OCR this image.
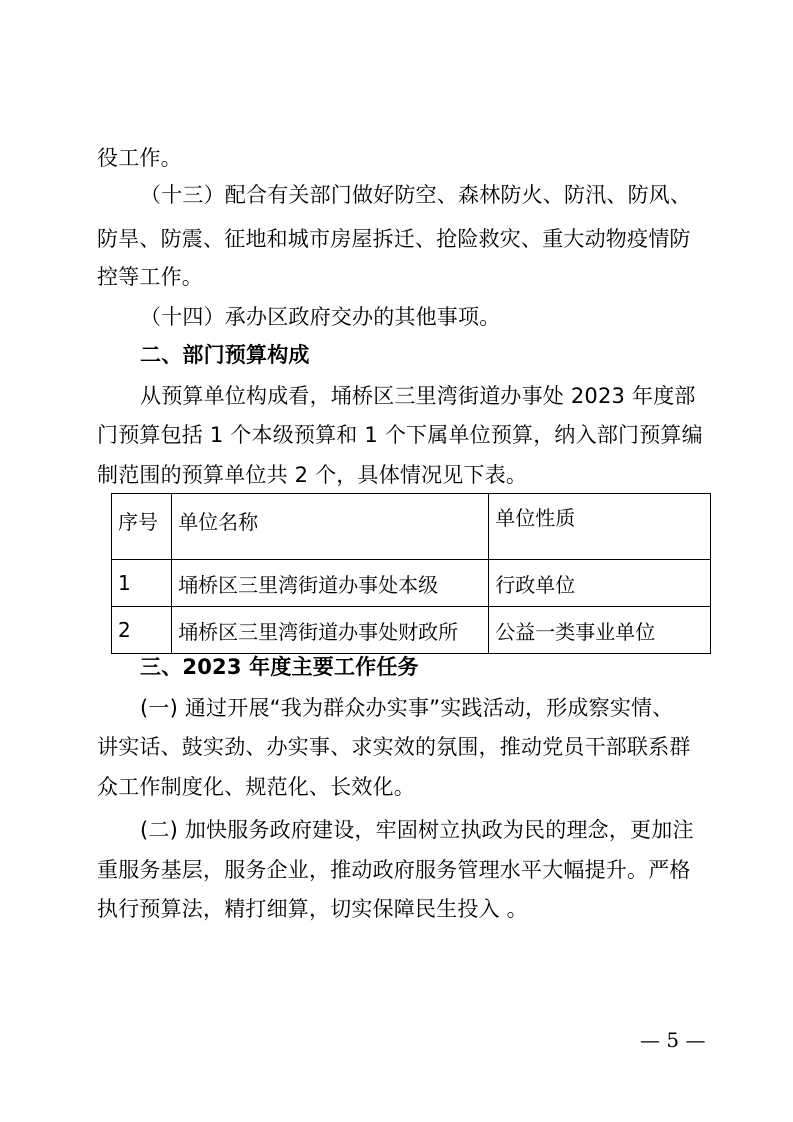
役工作。
（十三）配合有关部门做好防空、森林防火、防汛、防风、
防旱、防震、征地和城市房屋拆迁、抢险救灾、重大动物疫情防
控等工作。
（十四）承办区政府交办的其他事项。
二、部门预算构成
从预算单位构成看，埇桥区三里湾街道办事处 2023 年度部
门预算包括 1 个本级预算和 1 个下属单位预算，纳入部门预算编
制范围的预算单位共 2 个，具体情况见下表。
序号	单位名称	单位性质
1	埇桥区三里湾街道办事处本级	行政单位
2	埇桥区三里湾街道办事处财政所	公益一类事业单位
三、2023 年度主要工作任务
(一) 通过开展“我为群众办实事”实践活动，形成察实情、
讲实话、鼓实劲、办实事、求实效的氛围，推动党员干部联系群
众工作制度化、规范化、长效化。
(二) 加快服务政府建设，牢固树立执政为民的理念，更加注
重服务基层，服务企业，推动政府服务管理水平大幅提升。严格
执行预算法，精打细算，切实保障民生投入 。
— 5 —
